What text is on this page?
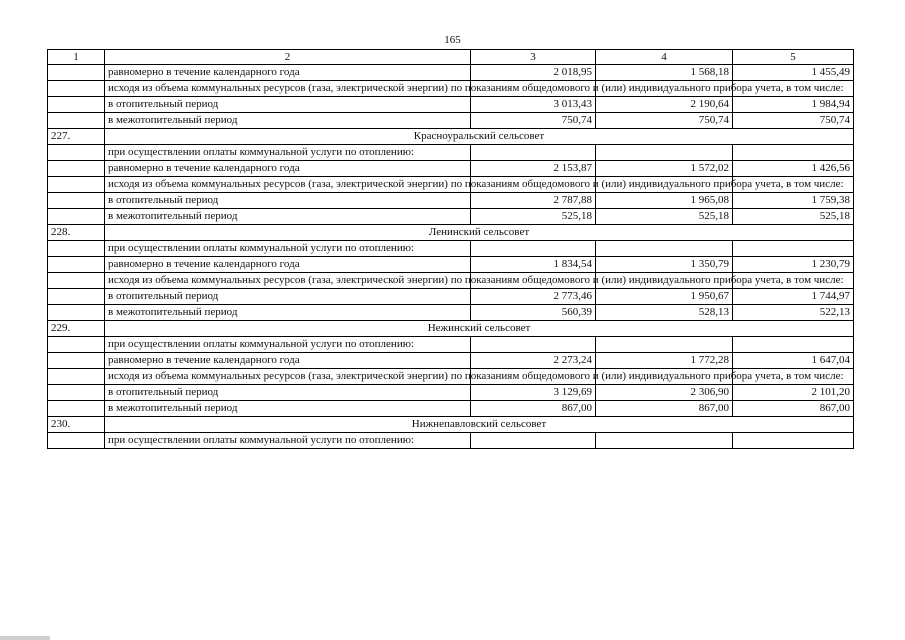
165
1	2	3	4	5
	равномерно в течение календарного года	2 018,95	1 568,18	1 455,49
	исходя из объема коммунальных ресурсов (газа, электрической энергии) по показаниям общедомового и (или) индивидуального прибора учета, в том числе:			
	в отопительный период	3 013,43	2 190,64	1 984,94
	в межотопительный период	750,74	750,74	750,74
227.	Красноуральский сельсовет			
	при осуществлении оплаты коммунальной услуги по отоплению:			
	равномерно в течение календарного года	2 153,87	1 572,02	1 426,56
	исходя из объема коммунальных ресурсов (газа, электрической энергии) по показаниям общедомового и (или) индивидуального прибора учета, в том числе:			
	в отопительный период	2 787,88	1 965,08	1 759,38
	в межотопительный период	525,18	525,18	525,18
228.	Ленинский сельсовет			
	при осуществлении оплаты коммунальной услуги по отоплению:			
	равномерно в течение календарного года	1 834,54	1 350,79	1 230,79
	исходя из объема коммунальных ресурсов (газа, электрической энергии) по показаниям общедомового и (или) индивидуального прибора учета, в том числе:			
	в отопительный период	2 773,46	1 950,67	1 744,97
	в межотопительный период	560,39	528,13	522,13
229.	Нежинский сельсовет			
	при осуществлении оплаты коммунальной услуги по отоплению:			
	равномерно в течение календарного года	2 273,24	1 772,28	1 647,04
	исходя из объема коммунальных ресурсов (газа, электрической энергии) по показаниям общедомового и (или) индивидуального прибора учета, в том числе:			
	в отопительный период	3 129,69	2 306,90	2 101,20
	в межотопительный период	867,00	867,00	867,00
230.	Нижнепавловский сельсовет			
	при осуществлении оплаты коммунальной услуги по отоплению:			
